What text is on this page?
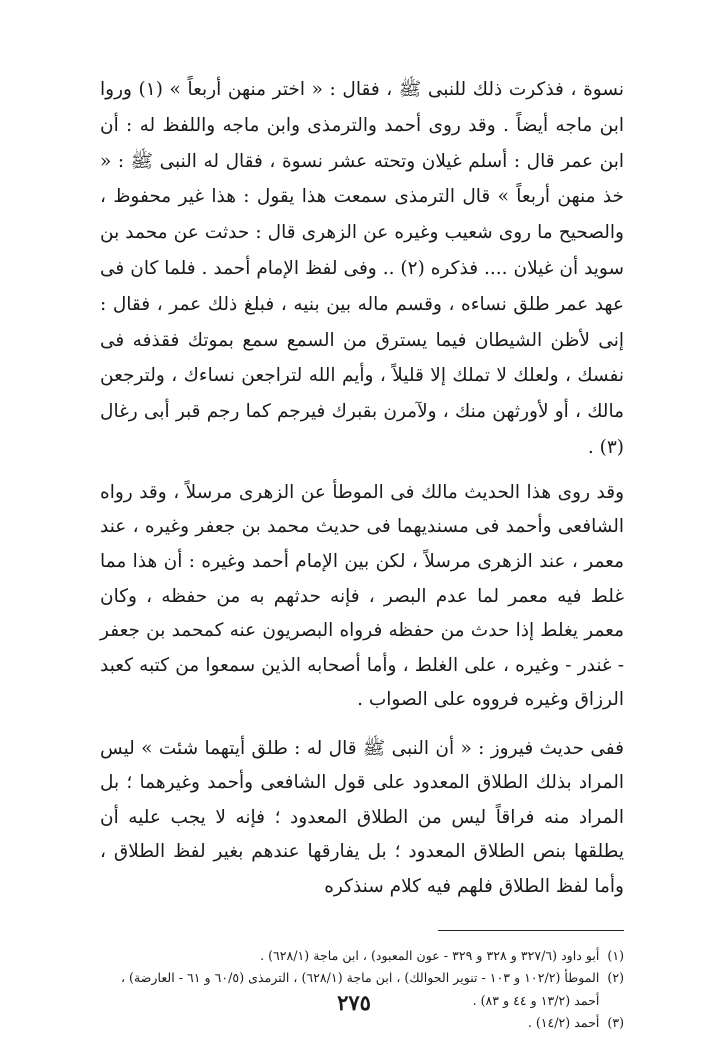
نسوة ، فذكرت ذلك للنبى ﷺ ، فقال : « اختر منهن أربعاً » (١) وروا ابن ماجه أيضاً . وقد روى أحمد والترمذى وابن ماجه واللفظ له : أن ابن عمر قال : أسلم غيلان وتحته عشر نسوة ، فقال له النبى ﷺ : « خذ منهن أربعاً » قال الترمذى سمعت هذا يقول : هذا غير محفوظ ، والصحيح ما روى شعيب وغيره عن الزهرى قال : حدثت عن محمد بن سويد أن غيلان .... فذكره (٢) .. وفى لفظ الإمام أحمد . فلما كان فى عهد عمر طلق نساءه ، وقسم ماله بين بنيه ، فبلغ ذلك عمر ، فقال : إنى لأظن الشيطان فيما يسترق من السمع سمع بموتك فقذفه فى نفسك ، ولعلك لا تملك إلا قليلاً ، وأيم الله لتراجعن نساءك ، ولترجعن مالك ، أو لأورثهن منك ، ولآمرن بقبرك فيرجم كما رجم قبر أبى رغال (٣) .

وقد روى هذا الحديث مالك فى الموطأ عن الزهرى مرسلاً ، وقد رواه الشافعى وأحمد فى مسنديهما فى حديث محمد بن جعفر وغيره ، عند معمر ، عند الزهرى مرسلاً ، لكن بين الإمام أحمد وغيره : أن هذا مما غلط فيه معمر لما عدم البصر ، فإنه حدثهم به من حفظه ، وكان معمر يغلط إذا حدث من حفظه فرواه البصريون عنه كمحمد بن جعفر - غندر - وغيره ، على الغلط ، وأما أصحابه الذين سمعوا من كتبه كعبد الرزاق وغيره فرووه على الصواب .

ففى حديث فيروز : « أن النبى ﷺ قال له : طلق أيتهما شئت » ليس المراد بذلك الطلاق المعدود على قول الشافعى وأحمد وغيرهما ؛ بل المراد منه فراقاً ليس من الطلاق المعدود ؛ فإنه لا يجب عليه أن يطلقها بنص الطلاق المعدود ؛ بل يفارقها عندهم بغير لفظ الطلاق ، وأما لفظ الطلاق فلهم فيه كلام سنذكره

(١)
أبو داود (٣٢٧/٦ و ٣٢٨ و ٣٢٩ - عون المعبود) ، ابن ماجة (٦٢٨/١) .
(٢)
الموطأ (١٠٢/٢ و ١٠٣ - تنوير الحوالك) ، ابن ماجة (٦٢٨/١) ، الترمذى (٦٠/٥ و ٦١ - العارضة) ، أحمد (١٣/٢ و ٤٤ و ٨٣) .
(٣)
أحمد (١٤/٢) .
٢٧٥
